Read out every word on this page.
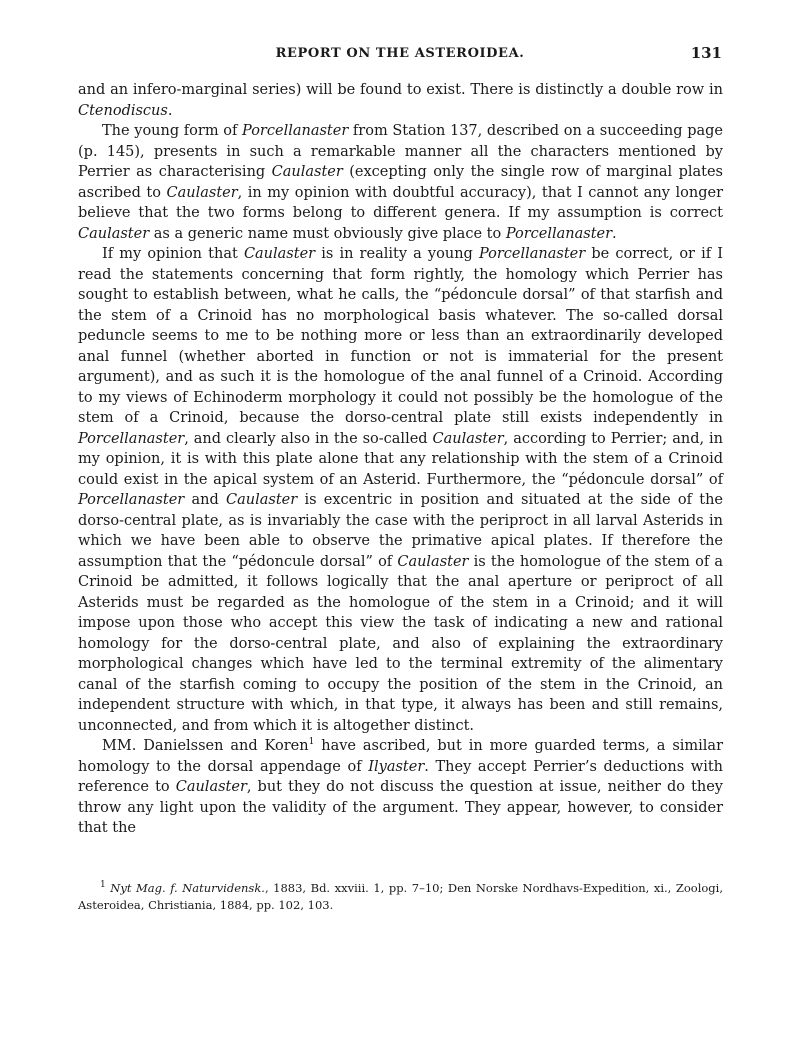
REPORT ON THE ASTEROIDEA.	131

and an infero-marginal series) will be found to exist. There is distinctly a double row in Ctenodiscus.

The young form of Porcellanaster from Station 137, described on a succeeding page (p. 145), presents in such a remarkable manner all the characters mentioned by Perrier as characterising Caulaster (excepting only the single row of marginal plates ascribed to Caulaster, in my opinion with doubtful accuracy), that I cannot any longer believe that the two forms belong to different genera. If my assumption is correct Caulaster as a generic name must obviously give place to Porcellanaster.

If my opinion that Caulaster is in reality a young Porcellanaster be correct, or if I read the statements concerning that form rightly, the homology which Perrier has sought to establish between, what he calls, the “pédoncule dorsal” of that starfish and the stem of a Crinoid has no morphological basis whatever. The so-called dorsal peduncle seems to me to be nothing more or less than an extraordinarily developed anal funnel (whether aborted in function or not is immaterial for the present argument), and as such it is the homologue of the anal funnel of a Crinoid. According to my views of Echinoderm morphology it could not possibly be the homologue of the stem of a Crinoid, because the dorso-central plate still exists independently in Porcellanaster, and clearly also in the so-called Caulaster, according to Perrier; and, in my opinion, it is with this plate alone that any relationship with the stem of a Crinoid could exist in the apical system of an Asterid. Furthermore, the “pédoncule dorsal” of Porcellanaster and Caulaster is excentric in position and situated at the side of the dorso-central plate, as is invariably the case with the periproct in all larval Asterids in which we have been able to observe the primative apical plates. If therefore the assumption that the “pédoncule dorsal” of Caulaster is the homologue of the stem of a Crinoid be admitted, it follows logically that the anal aperture or periproct of all Asterids must be regarded as the homologue of the stem in a Crinoid; and it will impose upon those who accept this view the task of indicating a new and rational homology for the dorso-central plate, and also of explaining the extraordinary morphological changes which have led to the terminal extremity of the alimentary canal of the starfish coming to occupy the position of the stem in the Crinoid, an independent structure with which, in that type, it always has been and still remains, unconnected, and from which it is altogether distinct.

MM. Danielssen and Koren$^1$ have ascribed, but in more guarded terms, a similar homology to the dorsal appendage of Ilyaster. They accept Perrier’s deductions with reference to Caulaster, but they do not discuss the question at issue, neither do they throw any light upon the validity of the argument. They appear, however, to consider that the

$^1$ Nyt Mag. f. Naturvidensk., 1883, Bd. xxviii. 1, pp. 7–10; Den Norske Nordhavs-Expedition, xi., Zoologi, Asteroidea, Christiania, 1884, pp. 102, 103.
